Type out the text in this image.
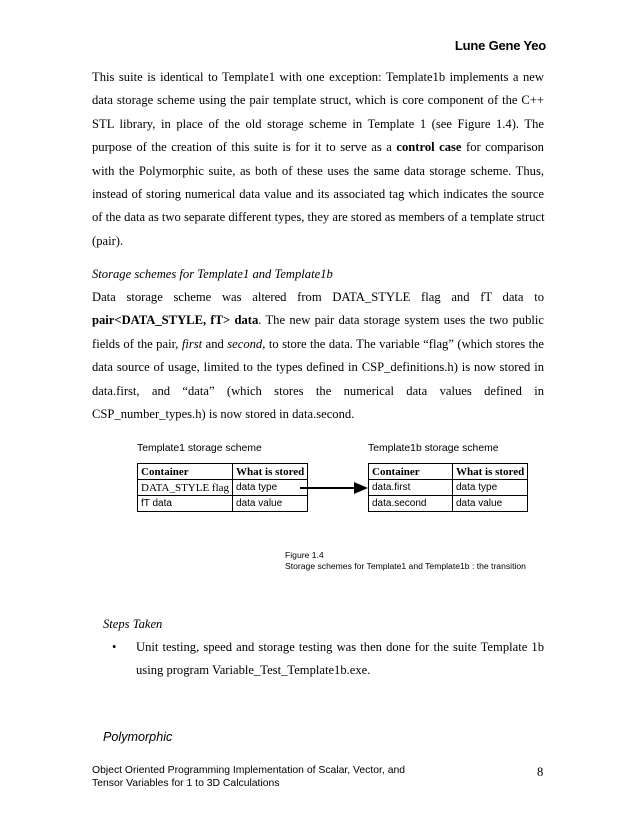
Lune Gene Yeo
This suite is identical to Template1 with one exception: Template1b implements a new
data storage scheme using the pair template struct, which is core component of the C++
STL library, in place of the old storage scheme in Template 1 (see Figure 1.4). The
purpose of the creation of this suite is for it to serve as a control case for comparison
with the Polymorphic suite, as both of these uses the same data storage scheme. Thus,
instead of storing numerical data value and its associated tag which indicates the source
of the data as two separate different types, they are stored as members of a template struct
(pair).

Storage schemes for Template1 and Template1b

Data storage scheme was altered from DATA_STYLE flag and fT data to
pair<DATA_STYLE, fT> data. The new pair data storage system uses the two public
fields of the pair, first and second, to store the data. The variable “flag” (which stores the
data source of usage, limited to the types defined in CSP_definitions.h) is now stored in
data.first, and “data” (which stores the numerical data values defined in
CSP_number_types.h) is now stored in data.second.
Template1 storage scheme
Container	What is stored
DATA_STYLE flag	data type
fT data	data value
Template1b storage scheme
Container	What is stored
data.first	data type
data.second	data value
Figure 1.4
Storage schemes for Template1 and Template1b : the transition

Steps Taken

• Unit testing, speed and storage testing was then done for the suite Template 1b
using program Variable_Test_Template1b.exe.

Polymorphic

Object Oriented Programming Implementation of Scalar, Vector, and
Tensor Variables for 1 to 3D Calculations
8
